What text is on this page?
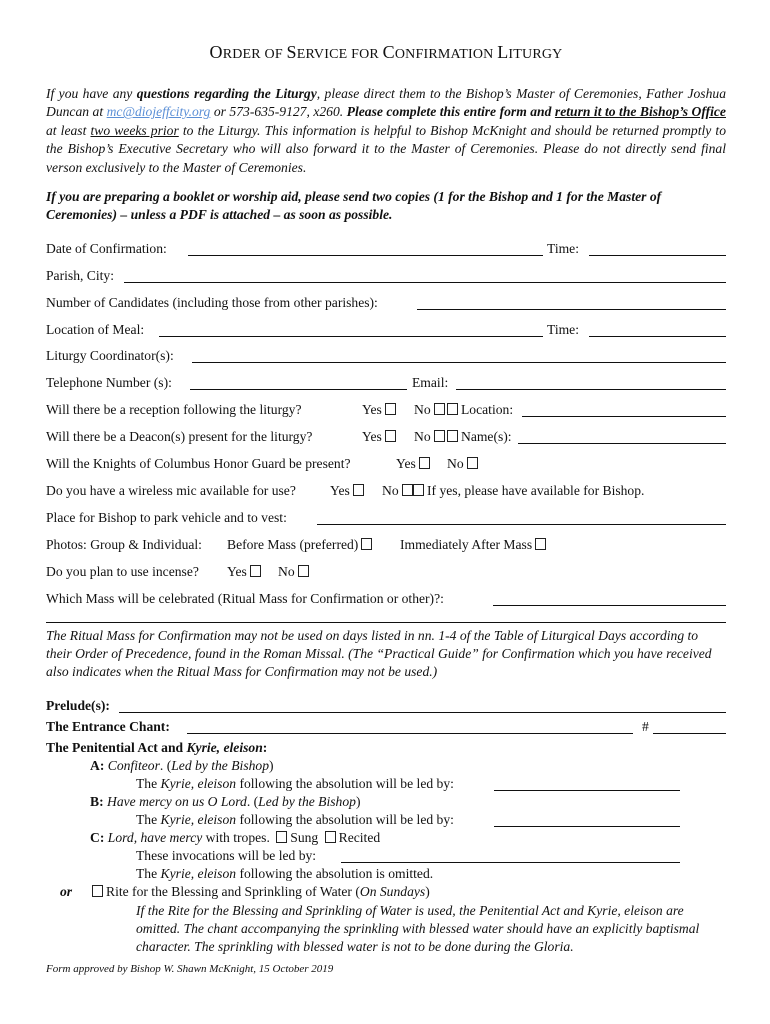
ORDER OF SERVICE FOR CONFIRMATION LITURGY
If you have any questions regarding the Liturgy, please direct them to the Bishop’s Master of Ceremonies, Father Joshua Duncan at mc@diojeffcity.org or 573-635-9127, x260. Please complete this entire form and return it to the Bishop’s Office at least two weeks prior to the Liturgy. This information is helpful to Bishop McKnight and should be returned promptly to the Bishop’s Executive Secretary who will also forward it to the Master of Ceremonies. Please do not directly send final verson exclusively to the Master of Ceremonies.
If you are preparing a booklet or worship aid, please send two copies (1 for the Bishop and 1 for the Master of Ceremonies) – unless a PDF is attached – as soon as possible.
Date of Confirmation:	Time:
Parish, City:
Number of Candidates (including those from other parishes):
Location of Meal:	Time:
Liturgy Coordinator(s):
Telephone Number (s):	Email:
Will there be a reception following the liturgy?	Yes	No	Location:
Will there be a Deacon(s) present for the liturgy?	Yes	No	Name(s):
Will the Knights of Columbus Honor Guard be present?	Yes	No
Do you have a wireless mic available for use?	Yes	No	If yes, please have available for Bishop.
Place for Bishop to park vehicle and to vest:
Photos: Group & Individual: Before Mass (preferred)	Immediately After Mass
Do you plan to use incense? Yes	No
Which Mass will be celebrated (Ritual Mass for Confirmation or other)?:
The Ritual Mass for Confirmation may not be used on days listed in nn. 1-4 of the Table of Liturgical Days according to their Order of Precedence, found in the Roman Missal. (The “Practical Guide” for Confirmation which you have received also indicates when the Ritual Mass for Confirmation may not be used.)
Prelude(s):
The Entrance Chant:	#
The Penitential Act and Kyrie, eleison:
A: Confiteor. (Led by the Bishop)
The Kyrie, eleison following the absolution will be led by:
B: Have mercy on us O Lord. (Led by the Bishop)
The Kyrie, eleison following the absolution will be led by:
C: Lord, have mercy with tropes. Sung Recited
These invocations will be led by:
The Kyrie, eleison following the absolution is omitted.
or	Rite for the Blessing and Sprinkling of Water (On Sundays)
If the Rite for the Blessing and Sprinkling of Water is used, the Penitential Act and Kyrie, eleison are omitted. The chant accompanying the sprinkling with blessed water should have an explicitly baptismal character. The sprinkling with blessed water is not to be done during the Gloria.
Form approved by Bishop W. Shawn McKnight, 15 October 2019
